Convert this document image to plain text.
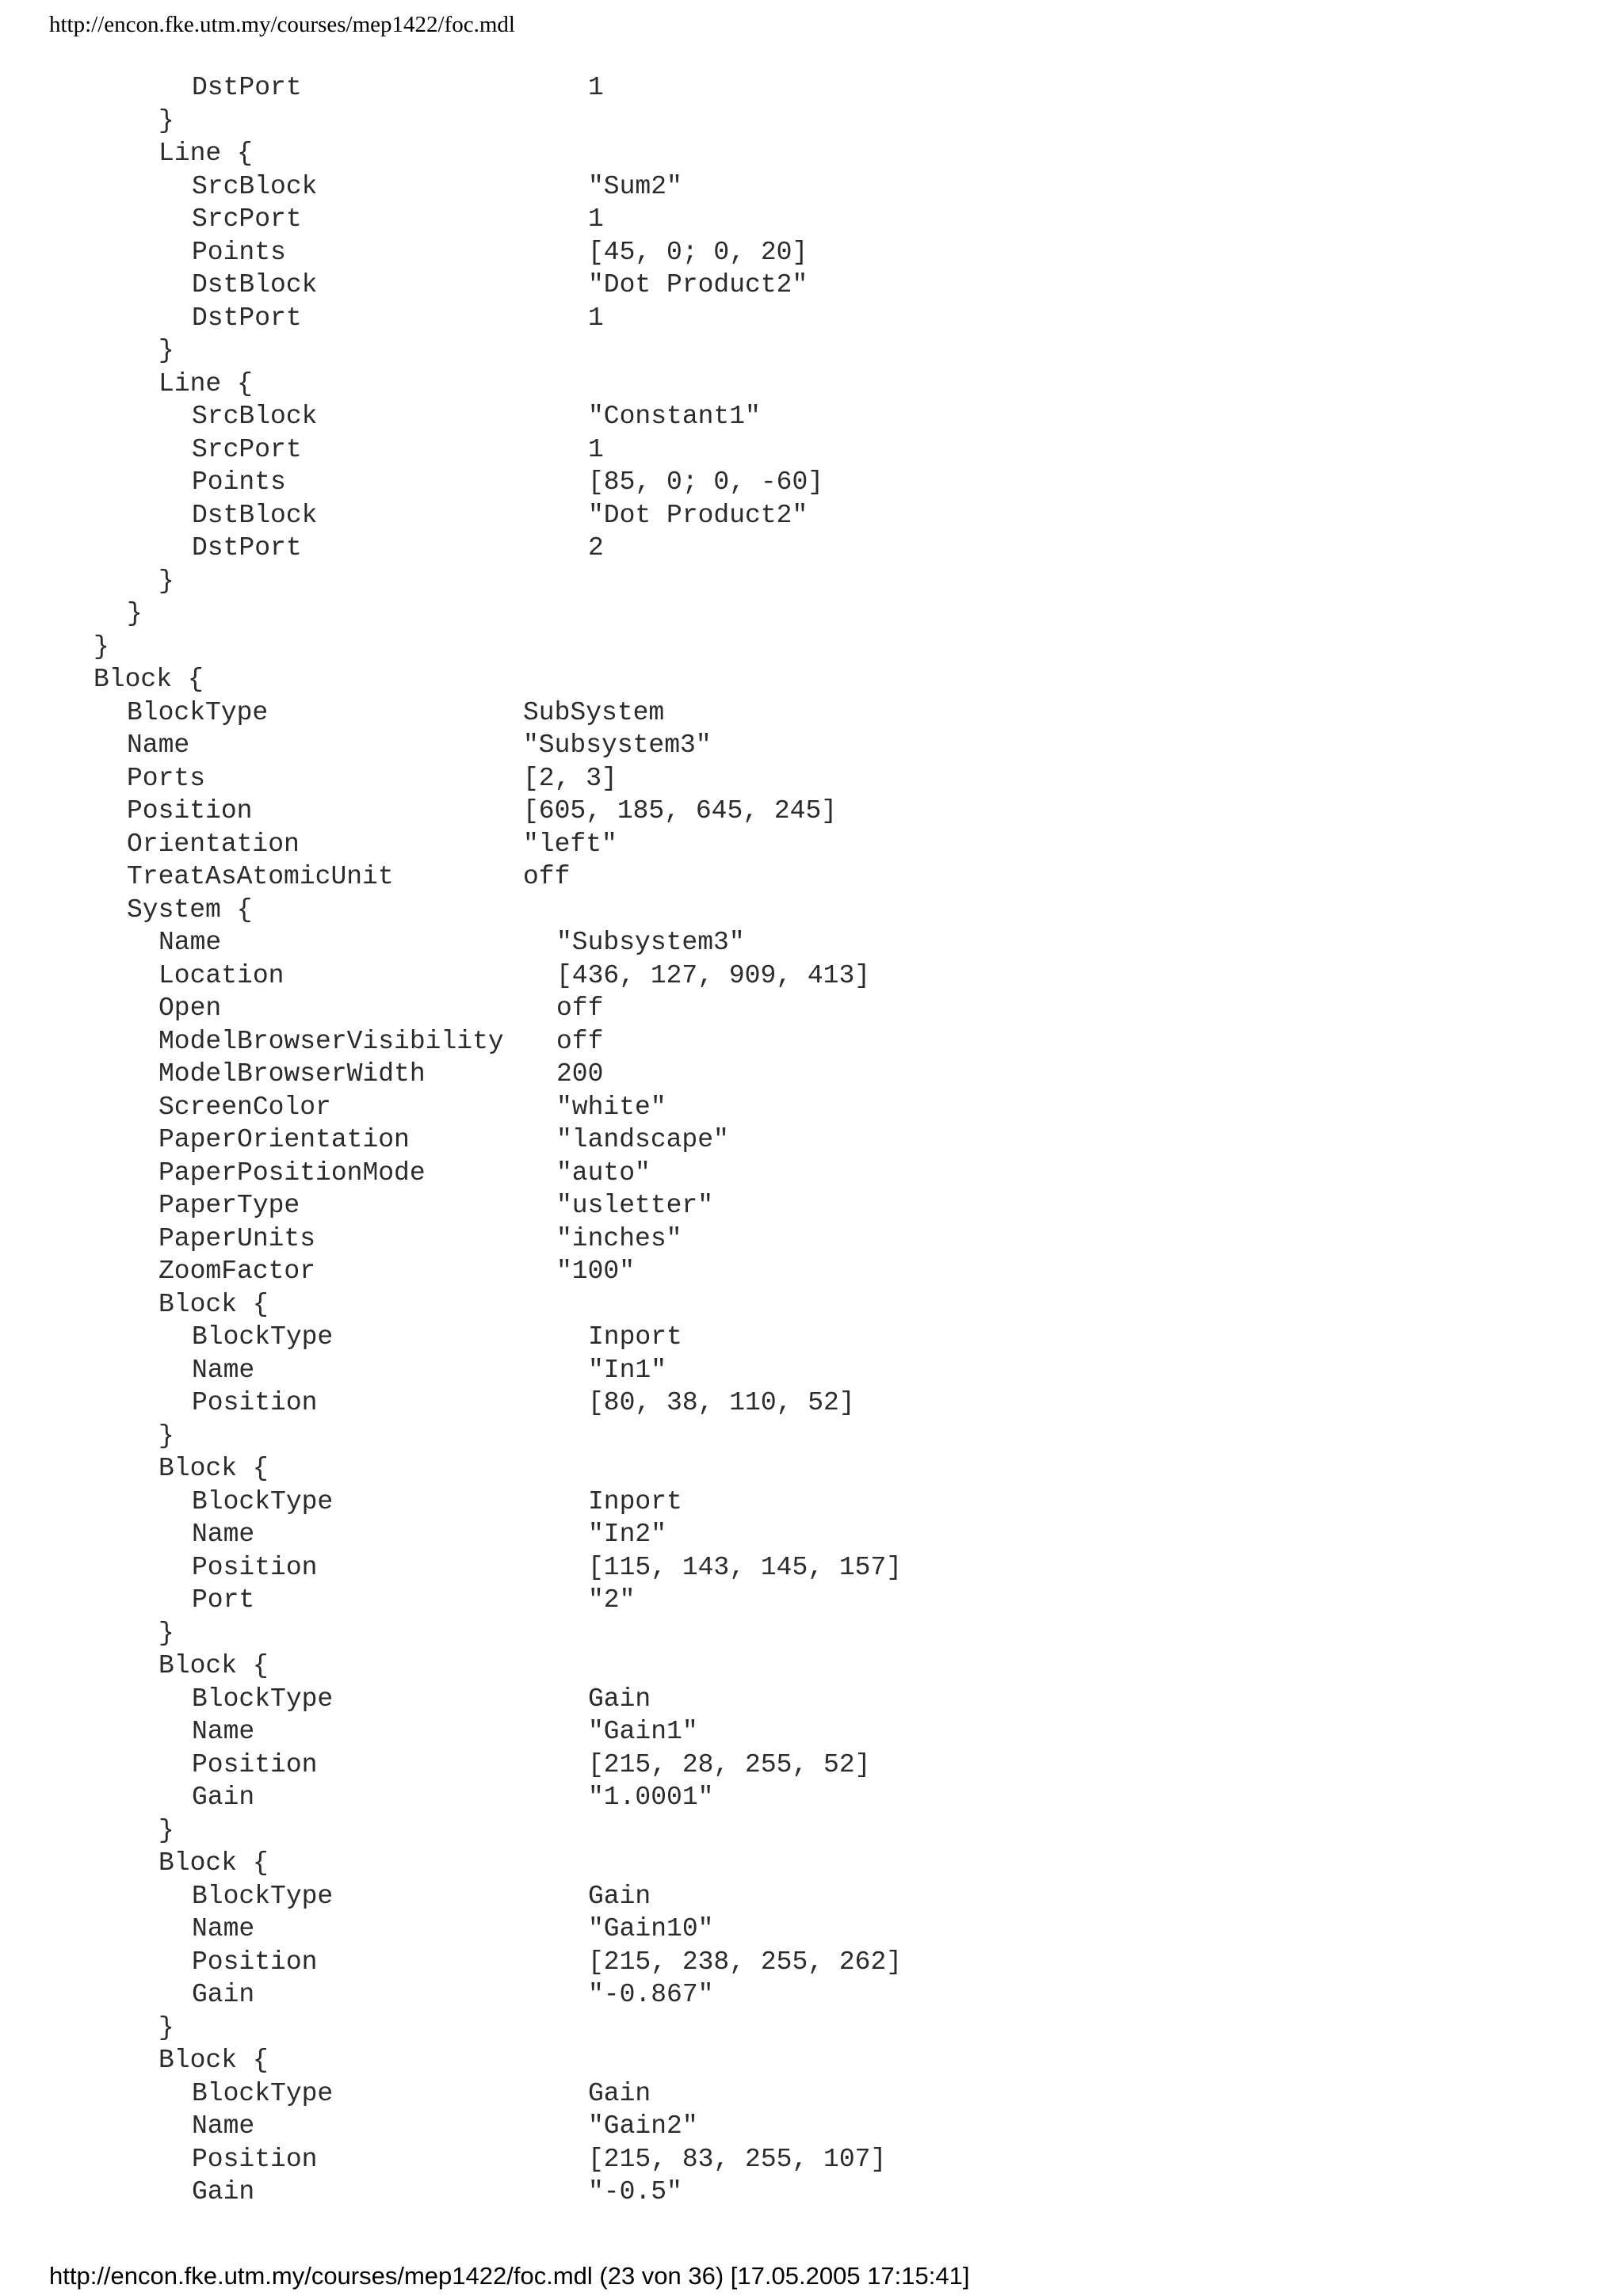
http://encon.fke.utm.my/courses/mep1422/foc.mdl
DstPort	1
}
Line {
SrcBlock	"Sum2"
SrcPort	1
Points	[45, 0; 0, 20]
DstBlock	"Dot Product2"
DstPort	1
}
Line {
SrcBlock	"Constant1"
SrcPort	1
Points	[85, 0; 0, -60]
DstBlock	"Dot Product2"
DstPort	2
}
}
}
Block {
BlockType	SubSystem
Name	"Subsystem3"
Ports	[2, 3]
Position	[605, 185, 645, 245]
Orientation	"left"
TreatAsAtomicUnit	off
System {
Name	"Subsystem3"
Location	[436, 127, 909, 413]
Open	off
ModelBrowserVisibility off
ModelBrowserWidth	200
ScreenColor	"white"
PaperOrientation	"landscape"
PaperPositionMode	"auto"
PaperType	"usletter"
PaperUnits	"inches"
ZoomFactor	"100"
Block {
BlockType	Inport
Name	"In1"
Position	[80, 38, 110, 52]
}
Block {
BlockType	Inport
Name	"In2"
Position	[115, 143, 145, 157]
Port	"2"
}
Block {
BlockType	Gain
Name	"Gain1"
Position	[215, 28, 255, 52]
Gain	"1.0001"
}
Block {
BlockType	Gain
Name	"Gain10"
Position	[215, 238, 255, 262]
Gain	"-0.867"
}
Block {
BlockType	Gain
Name	"Gain2"
Position	[215, 83, 255, 107]
Gain	"-0.5"
http://encon.fke.utm.my/courses/mep1422/foc.mdl (23 von 36) [17.05.2005 17:15:41]
